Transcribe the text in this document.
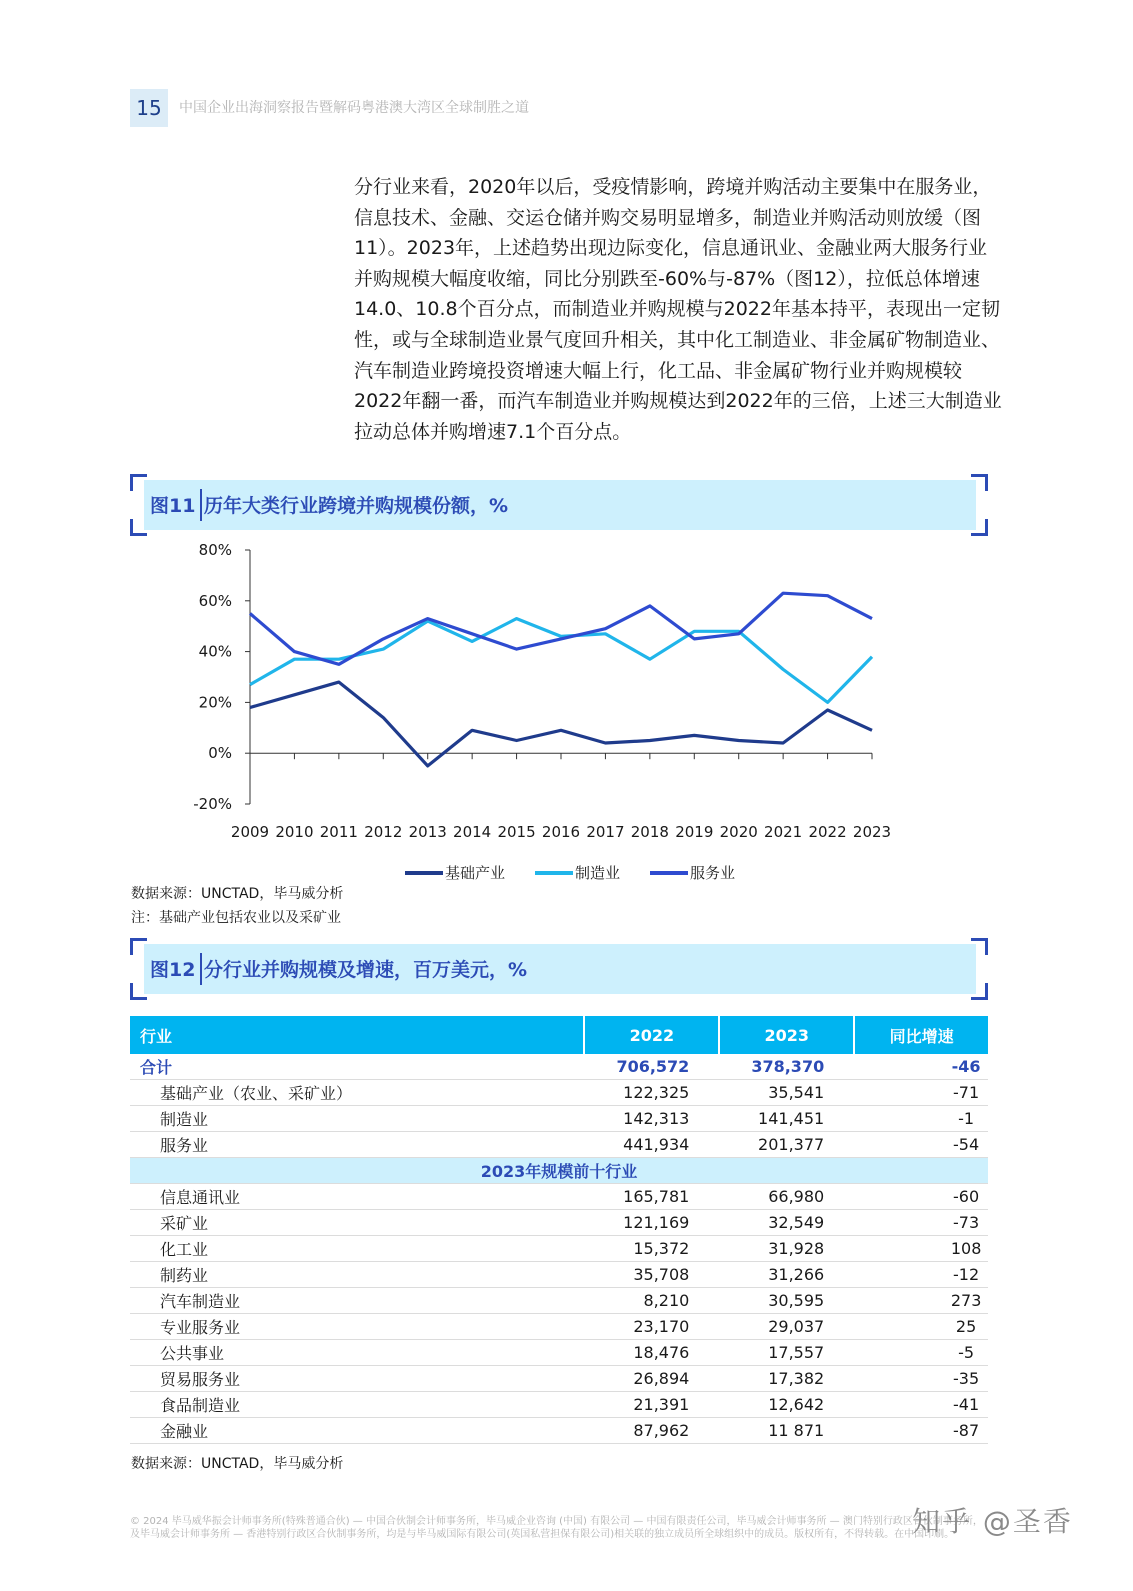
15	中国企业出海洞察报告暨解码粤港澳大湾区全球制胜之道
分行业来看，2020年以后，受疫情影响，跨境并购活动主要集中在服务业，信息技术、金融、交运仓储并购交易明显增多，制造业并购活动则放缓（图11）。2023年，上述趋势出现边际变化，信息通讯业、金融业两大服务行业并购规模大幅度收缩，同比分别跌至-60%与-87%（图12），拉低总体增速14.0、10.8个百分点，而制造业并购规模与2022年基本持平，表现出一定韧性，或与全球制造业景气度回升相关，其中化工制造业、非金属矿物制造业、汽车制造业跨境投资增速大幅上行，化工品、非金属矿物行业并购规模较2022年翻一番，而汽车制造业并购规模达到2022年的三倍，上述三大制造业拉动总体并购增速7.1个百分点。
图11 历年大类行业跨境并购规模份额，%
-20%
0%
20%
40%
60%
80%
2009 2010 2011 2012 2013 2014 2015 2016 2017 2018 2019 2020 2021 2022 2023
基础产业	制造业	服务业
数据来源：UNCTAD，毕马威分析
注：基础产业包括农业以及采矿业
图12 分行业并购规模及增速，百万美元，%
行业	2022	2023	同比增速
合计	706,572	378,370	-46
基础产业（农业、采矿业）	122,325	35,541	-71
制造业	142,313	141,451	-1
服务业	441,934	201,377	-54
2023年规模前十行业			
信息通讯业	165,781	66,980	-60
采矿业	121,169	32,549	-73
化工业	15,372	31,928	108
制药业	35,708	31,266	-12
汽车制造业	8,210	30,595	273
专业服务业	23,170	29,037	25
公共事业	18,476	17,557	-5
贸易服务业	26,894	17,382	-35
食品制造业	21,391	12,642	-41
金融业	87,962	11 871	-87
数据来源：UNCTAD，毕马威分析
© 2024 毕马威华振会计师事务所(特殊普通合伙) — 中国合伙制会计师事务所，毕马威企业咨询 (中国) 有限公司 — 中国有限责任公司，毕马威会计师事务所 — 澳门特别行政区合伙制事务所，及毕马威会计师事务所 — 香港特别行政区合伙制事务所，均是与毕马威国际有限公司(英国私营担保有限公司)相关联的独立成员所全球组织中的成员。版权所有，不得转载。在中国印刷。
知乎 @圣香
